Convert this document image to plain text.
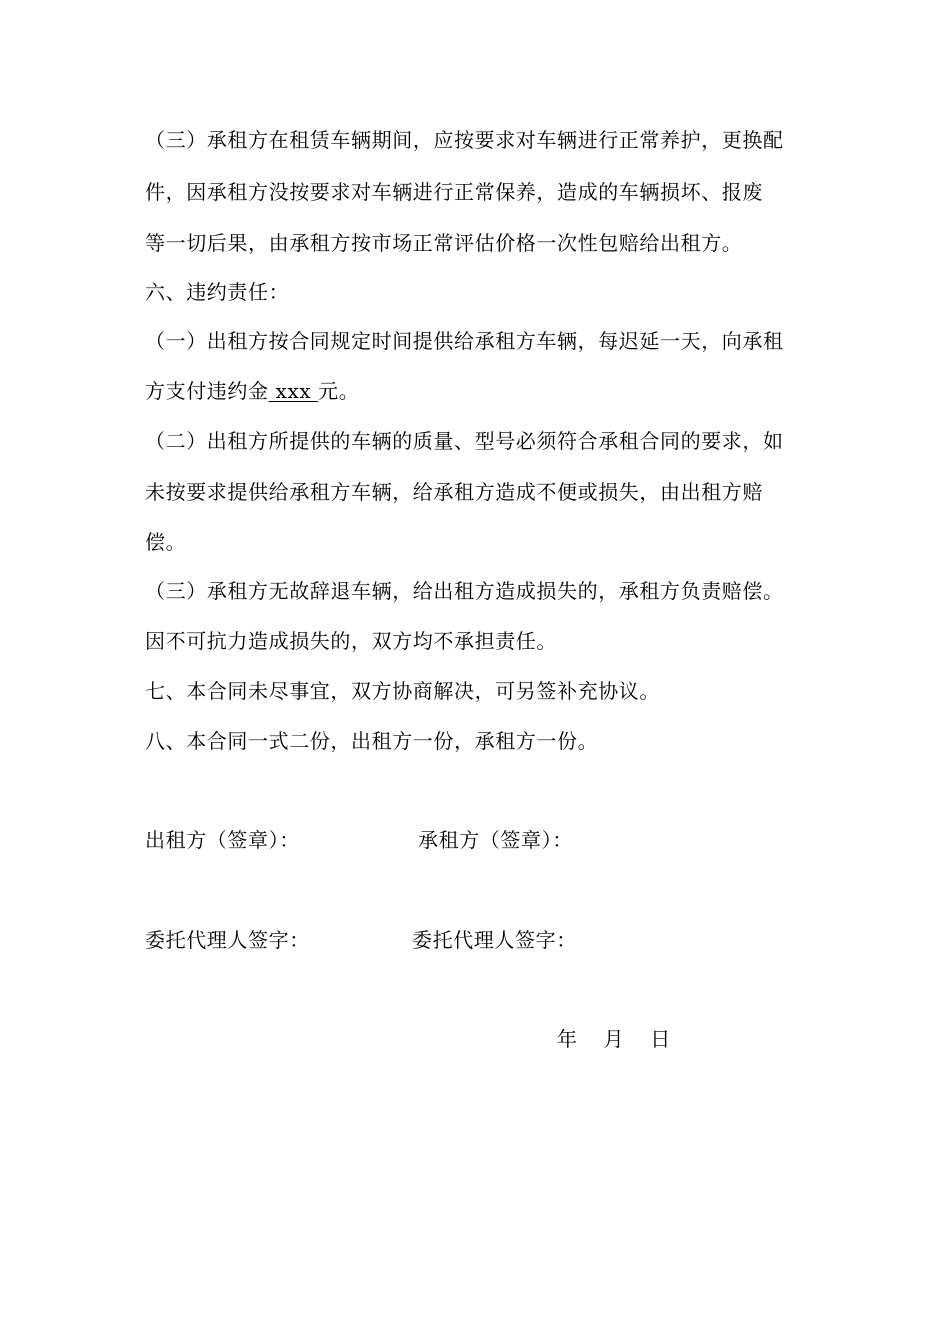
（三）承租方在租赁车辆期间，应按要求对车辆进行正常养护，更换配
件，因承租方没按要求对车辆进行正常保养，造成的车辆损坏、报废
等一切后果，由承租方按市场正常评估价格一次性包赔给出租方。
六、违约责任：
（一）出租方按合同规定时间提供给承租方车辆，每迟延一天，向承租
方支付违约金 xxx 元。
（二）出租方所提供的车辆的质量、型号必须符合承租合同的要求，如
未按要求提供给承租方车辆，给承租方造成不便或损失，由出租方赔
偿。
（三）承租方无故辞退车辆，给出租方造成损失的，承租方负责赔偿。
因不可抗力造成损失的，双方均不承担责任。
七、本合同未尽事宜，双方协商解决，可另签补充协议。
八、本合同一式二份，出租方一份，承租方一份。
出租方（签章）：	承租方（签章）：
委托代理人签字：	委托代理人签字：
年 月 日
